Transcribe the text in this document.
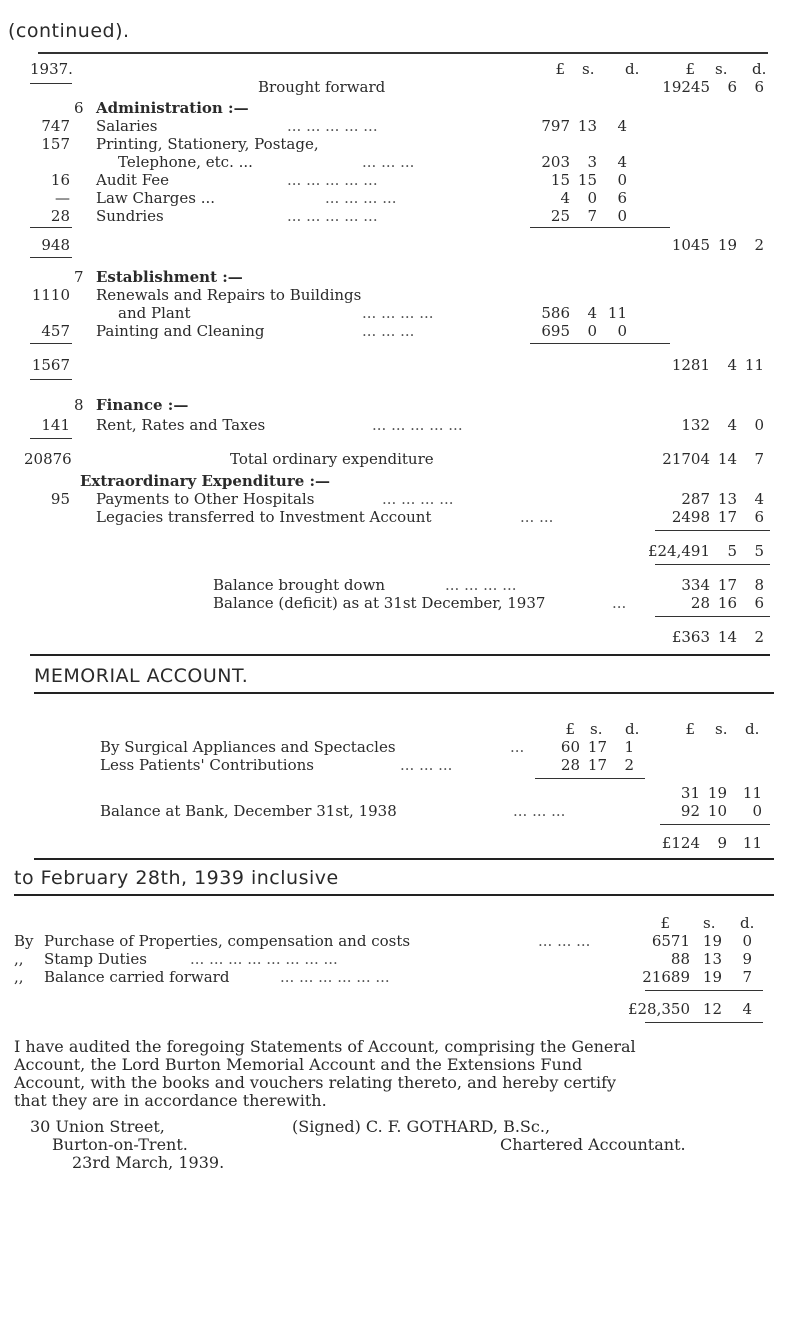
(continued).
1937.	£ s. d.	£ s. d.
Brought forward	19245	6	6
6 Administration :—
747 Salaries	... ... ... ... ...	797 13	4
157 Printing, Stationery, Postage,
Telephone, etc. ...	... ... ...	203	3	4
16 Audit Fee	... ... ... ... ...	15 15	0
— Law Charges ...	... ... ... ...	4	0	6
28 Sundries	... ... ... ... ...	25	7	0
948	1045 19	2
7 Establishment :—
1110 Renewals and Repairs to Buildings
and Plant	... ... ... ...	586	4 11
457 Painting and Cleaning	... ... ...	695	0	0
1567	1281	4 11
8 Finance :—
141 Rent, Rates and Taxes	... ... ... ... ...	132	4	0
20876	Total ordinary expenditure	21704 14	7
Extraordinary Expenditure :—
95 Payments to Other Hospitals	... ... ... ...	287 13	4
Legacies transferred to Investment Account	... ...	2498 17	6
£24,491	5	5
Balance brought down	... ... ... ...	334 17	8
Balance (deficit) as at 31st December, 1937	...	28 16	6
£363 14	2
MEMORIAL ACCOUNT.
£ s. d.	£ s. d.
By Surgical Appliances and Spectacles	...	60 17	1
Less Patients' Contributions	... ... ...	28 17	2
31 19 11
Balance at Bank, December 31st, 1938	... ... ...	92 10	0
£124	9 11
to February 28th, 1939 inclusive
£ s. d.
By Purchase of Properties, compensation and costs	... ... ...	6571 19	0
,, Stamp Duties	... ... ... ... ... ... ... ...	88 13	9
,, Balance carried forward	... ... ... ... ... ...	21689 19	7
£28,350 12	4
I have audited the foregoing Statements of Account, comprising the General
Account, the Lord Burton Memorial Account and the Extensions Fund
Account, with the books and vouchers relating thereto, and hereby certify
that they are in accordance therewith.
30 Union Street,
Burton-on-Trent.
23rd March, 1939.
(Signed) C. F. GOTHARD, B.Sc.,
Chartered Accountant.
